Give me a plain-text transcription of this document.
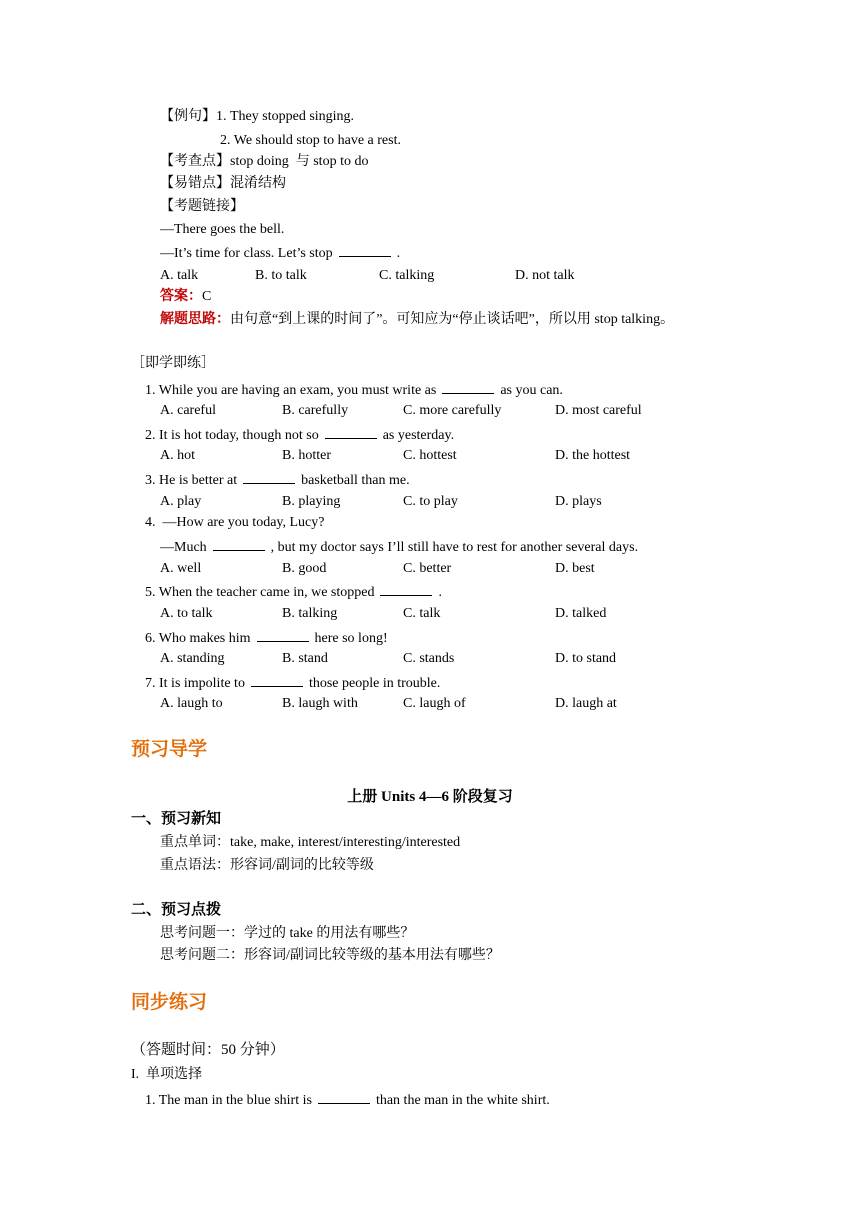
【例句】1. They stopped singing.
2. We should stop to have a rest.
【考查点】stop doing  与 stop to do
【易错点】混淆结构
【考题链接】
—There goes the bell.
—It’s time for class. Let’s stop	.
A. talk	B. to talk	C. talking	D. not talk
答案：C
解题思路：由句意“到上课的时间了”。可知应为“停止谈话吧”，所以用 stop talking。
［即学即练］
1. While you are having an exam, you must write as	as you can.
A. careful	B. carefully	C. more carefully	D. most careful
2. It is hot today, though not so	as yesterday.
A. hot	B. hotter	C. hottest	D. the hottest
3. He is better at	basketball than me.
A. play	B. playing	C. to play	D. plays
4.  —How are you today, Lucy?
—Much	, but my doctor says I’ll still have to rest for another several days.
A. well	B. good	C. better	D. best
5. When the teacher came in, we stopped	.
A. to talk	B. talking	C. talk	D. talked
6. Who makes him	here so long!
A. standing	B. stand	C. stands	D. to stand
7. It is impolite to	those people in trouble.
A. laugh to	B. laugh with	C. laugh of	D. laugh at
预习导学
上册 Units 4—6 阶段复习
一、预习新知
重点单词：take, make, interest/interesting/interested
重点语法：形容词/副词的比较等级
二、预习点拨
思考问题一：学过的 take 的用法有哪些？
思考问题二：形容词/副词比较等级的基本用法有哪些？
同步练习
（答题时间：50 分钟）
I.  单项选择
1. The man in the blue shirt is	than the man in the white shirt.
